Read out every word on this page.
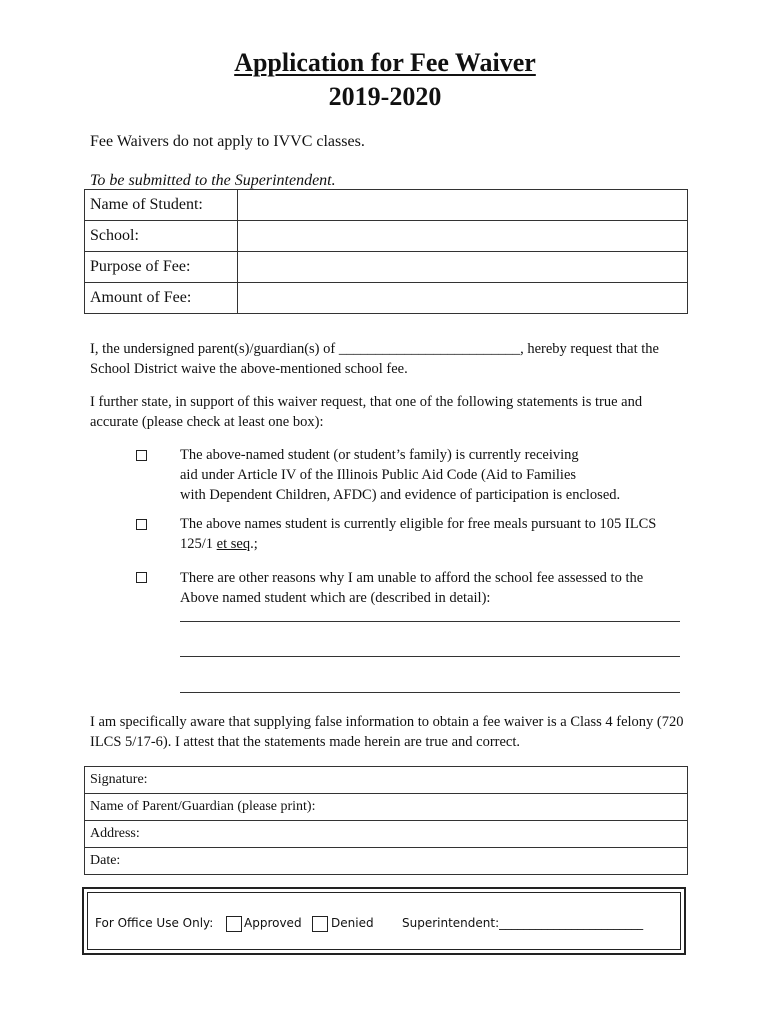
Application for Fee Waiver
2019-2020
Fee Waivers do not apply to IVVC classes.
To be submitted to the Superintendent.
Name of Student:	
School:	
Purpose of Fee:	
Amount of Fee:	
I, the undersigned parent(s)/guardian(s) of _________________________, hereby request that the School District waive the above-mentioned school fee.
I further state, in support of this waiver request, that one of the following statements is true and accurate (please check at least one box):
The above-named student (or student’s family) is currently receiving
aid under Article IV of the Illinois Public Aid Code (Aid to Families
with Dependent Children, AFDC) and evidence of participation is enclosed.
The above names student is currently eligible for free meals pursuant to 105 ILCS
125/1 et seq.;
There are other reasons why I am unable to afford the school fee assessed to the
Above named student which are (described in detail):
I am specifically aware that supplying false information to obtain a fee waiver is a Class 4 felony (720 ILCS 5/17-6). I attest that the statements made herein are true and correct.
Signature:
Name of Parent/Guardian (please print):
Address:
Date:
For Office Use Only:	Approved Denied Superintendent:________________________
